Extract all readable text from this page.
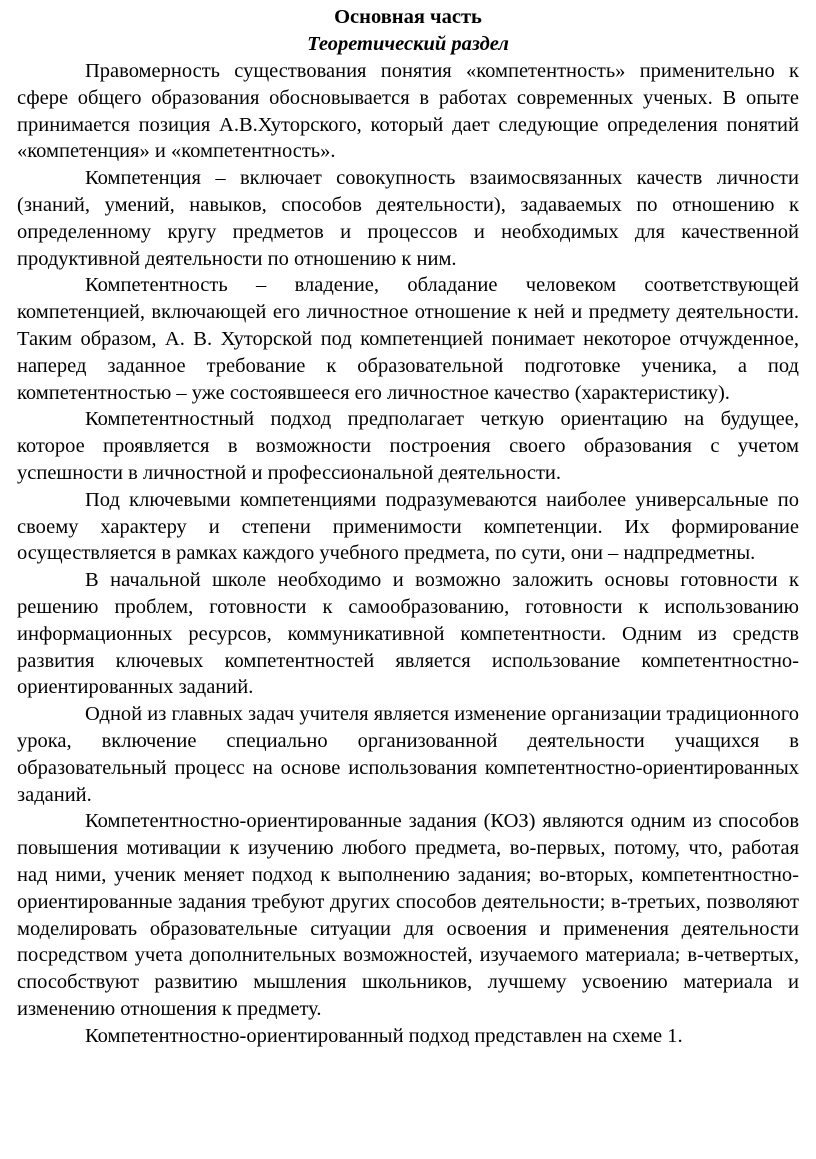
Основная часть

Теоретический раздел

Правомерность существования понятия «компетентность» применительно к сфере общего образования обосновывается в работах современных ученых. В опыте принимается позиция А.В.Хуторского, который дает следующие определения понятий «компетенция» и «компетентность».

Компетенция – включает совокупность взаимосвязанных качеств личности (знаний, умений, навыков, способов деятельности), задаваемых по отношению к определенному кругу предметов и процессов и необходимых для качественной продуктивной деятельности по отношению к ним.

Компетентность – владение, обладание человеком соответствующей компетенцией, включающей его личностное отношение к ней и предмету деятельности. Таким образом, А. В. Хуторской под компетенцией понимает некоторое отчужденное, наперед заданное требование к образовательной подготовке ученика, а под компетентностью – уже состоявшееся его личностное качество (характеристику).

Компетентностный подход предполагает четкую ориентацию на будущее, которое проявляется в возможности построения своего образования с учетом успешности в личностной и профессиональной деятельности.

Под ключевыми компетенциями подразумеваются наиболее универсальные по своему характеру и степени применимости компетенции. Их формирование осуществляется в рамках каждого учебного предмета, по сути, они – надпредметны.

В начальной школе необходимо и возможно заложить основы готовности к решению проблем, готовности к самообразованию, готовности к использованию информационных ресурсов, коммуникативной компетентности. Одним из средств развития ключевых компетентностей является использование компетентностно-ориентированных заданий.

Одной из главных задач учителя является изменение организации традиционного урока, включение специально организованной деятельности учащихся в образовательный процесс на основе использования компетентностно-ориентированных заданий.

Компетентностно-ориентированные задания (КОЗ) являются одним из способов повышения мотивации к изучению любого предмета, во-первых, потому, что, работая над ними, ученик меняет подход к выполнению задания; во-вторых, компетентностно-ориентированные задания требуют других способов деятельности; в-третьих, позволяют моделировать образовательные ситуации для освоения и применения деятельности посредством учета дополнительных возможностей, изучаемого материала; в-четвертых, способствуют развитию мышления школьников, лучшему усвоению материала и изменению отношения к предмету.

Компетентностно-ориентированный подход представлен на схеме 1.
